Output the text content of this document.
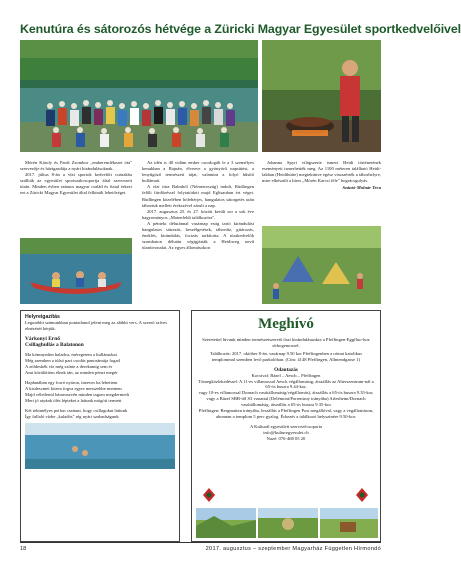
Kenutúra és sátorozós hétvége a Züricki Magyar Egyesület sportkedvelőivel

Mórén Károly és Pardi Zsombor „emberemlékezet óta" szervezője és házigazdája a nyári kirándulásoknak.

2017. július 8-án a vízi sportok kedvelőit csónakba szállták az egyesület sportszakcsoportja által szervezett túrán. Minden évben számos magyar család és fiatal érkezi ezt a Züricki Magyar Egyesület által felkínált lehetőséget.

Az idén is 40 vidám ember csordogált le a 3 személyes kenukban a Rajnán, élvezve a gyönyörű napsütést, a lenyűgöző természeti tájat, valamint a folyó hűsítő hullámait.

A vízi túra Balmhól (Németország) indult, Rüdlingen felőli fürdőzéssel folytatódott majd Eglisauban ért véget. Rüdlingen közelében hófehérjes, hangulatos sátorgetés után táboztuk mellett érekszével zárult a nap.

2017. augusztus 25. és 27. között került sor a sok éve hagyományos „Maienfeldi találkozóra".

A pénteki délutánnal vasárnap estig tartó kirándulást hangulatos sátrazás, beszélgetések, tábortűz, gitározás, éneklés, kirándulás, focizás tarkította. A túrakedvelők szombaton délután végigjárták a Heidiweg nevű túraútvonalat. Az egyes állomásokon

Johanna Spyri világszerte ismert Heidi történetének eseményeit ismerhették meg. Az 1100 méteren található Heidi-lakban (Heidihütte) megtekintve egész visszaérték a táborhelyre, mire elkészült a híres „Mórén Karcsi féle" bográcsgulyás.

Szántó-Molnár Teca
Helyreigazítás
Legutóbbi számunkban pontatlanul jelent meg az alábbi vers. A szerző szíves elnézését kérjük.
Várkonyi Ernő
Csillaghullás a Balatonon
Ma kömnyeden haladva, méregetem a hullámokat
Még szemben a túlsó part csodás panorámája fogad
A zöldeskék víz még színte a derekamig sem ér
Ami körülöttöm élnek tán, az minden pénzt megér
Hajdanában egy forró nyáron, tüzeves ha lehettem
A kisdescmet közen fogva egyre messzebbe mentem
Majd véletlenül háromszvén minden tagom megdermedt
Mert jó atyánk ölés lépteket a hátunk mögött termett
Két tekintélyes peifon csattant, hogy csillagokat láttunk
Így fullaló vízbe „kaladós" rég nyári szabadságunk
Meghívó
Szeretettel hívunk minden természetszerető őszi kirándulásunkra a Pfeffingen-Eggfluo-hoz sírbogemossel.
Találkozás: 2017. október 8-án, vasárnap 9.50 kor Pfeffingenben a római katolikus templommal szemben levő parkolóban. (Cím: 4148 Pfeffingen, Allmendgasse 1)
Odautazás
Kocsival: Bázel – Aesch – Pfeffingen
Tömegközlekedéssel: A 11-es villamossal Aesch végállomásig, átszállás az Alterszentrum-nál a 65-ös buszra 9.44-kor,
vagy 10-es villamossal Dornach vasútállomásig/végállomás), átszállás a 65-ös buszra 9.35-kor, vagy a Bázel SBB-től S3 vonattal (Delémont/Porrentruy irányába) Arlesheim/Dornach vasútállomásig, átszállás a 65-ös buszra 9.35-kor
Pfeffingen: Bergmatten irányába, leszállás a Pfeffingen Post megállóval, vagy a vegállomáson, ahonnan a templom 5 perc gyalog. Érkezés a találkozó helyszínére 9.50-kor.
A Kulturál egyesületi szervezőcsoporta
info@kulturegyesulet.ch
Nazé: 076-468 05 20
18	2017. augusztus – szeptember Magyarház Független Hírmondó
